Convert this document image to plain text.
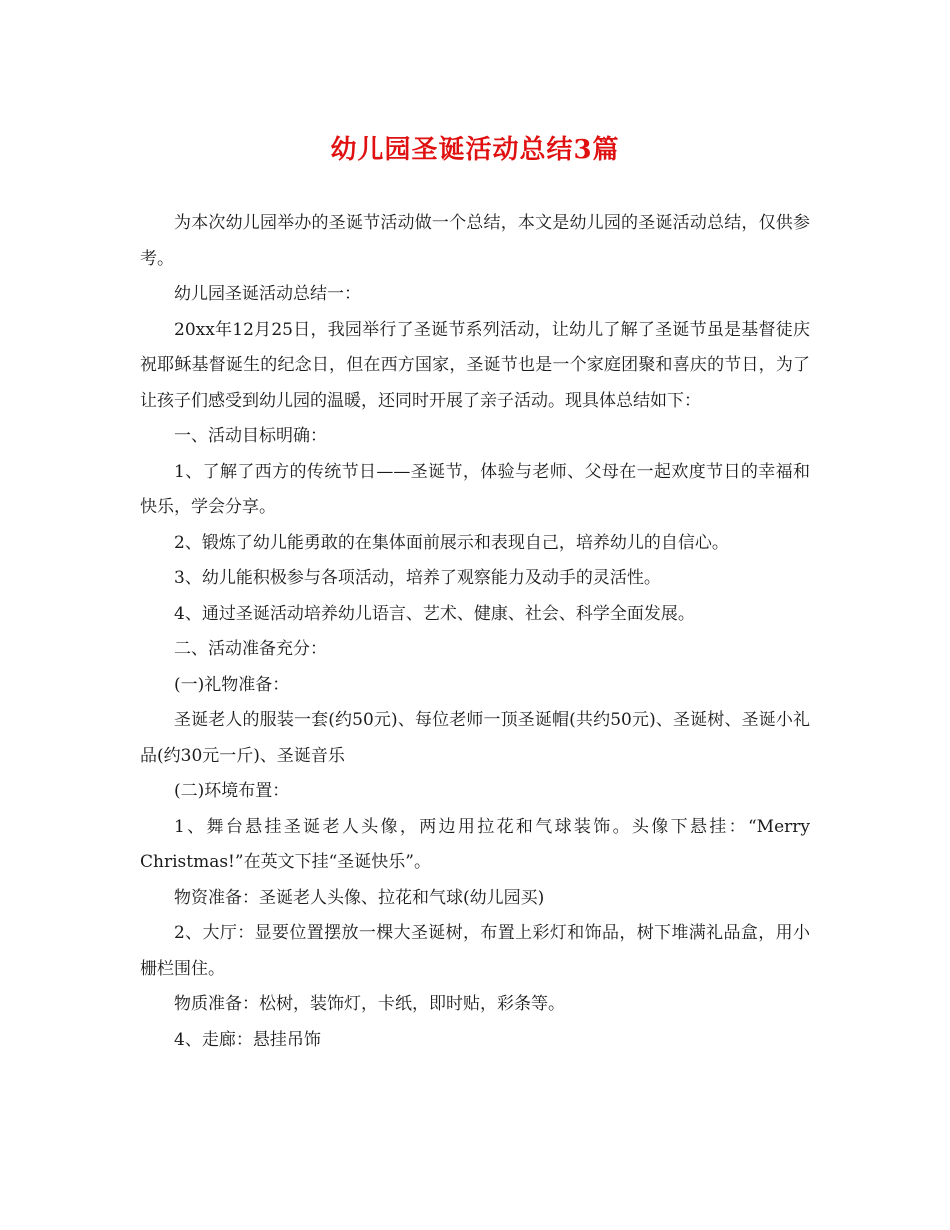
幼儿园圣诞活动总结3篇

为本次幼儿园举办的圣诞节活动做一个总结，本文是幼儿园的圣诞活动总结，仅供参考。

幼儿园圣诞活动总结一：

20xx年12月25日，我园举行了圣诞节系列活动，让幼儿了解了圣诞节虽是基督徒庆祝耶稣基督诞生的纪念日，但在西方国家，圣诞节也是一个家庭团聚和喜庆的节日，为了让孩子们感受到幼儿园的温暖，还同时开展了亲子活动。现具体总结如下：

一、活动目标明确：

1、了解了西方的传统节日——圣诞节，体验与老师、父母在一起欢度节日的幸福和快乐，学会分享。

2、锻炼了幼儿能勇敢的在集体面前展示和表现自己，培养幼儿的自信心。

3、幼儿能积极参与各项活动，培养了观察能力及动手的灵活性。

4、通过圣诞活动培养幼儿语言、艺术、健康、社会、科学全面发展。

二、活动准备充分：

(一)礼物准备：

圣诞老人的服装一套(约50元)、每位老师一顶圣诞帽(共约50元)、圣诞树、圣诞小礼品(约30元一斤)、圣诞音乐

(二)环境布置：

1、舞台悬挂圣诞老人头像，两边用拉花和气球装饰。头像下悬挂：“Merry Christmas!”在英文下挂“圣诞快乐”。

物资准备：圣诞老人头像、拉花和气球(幼儿园买)

2、大厅：显要位置摆放一棵大圣诞树，布置上彩灯和饰品，树下堆满礼品盒，用小栅栏围住。

物质准备：松树，装饰灯，卡纸，即时贴，彩条等。

4、走廊：悬挂吊饰
